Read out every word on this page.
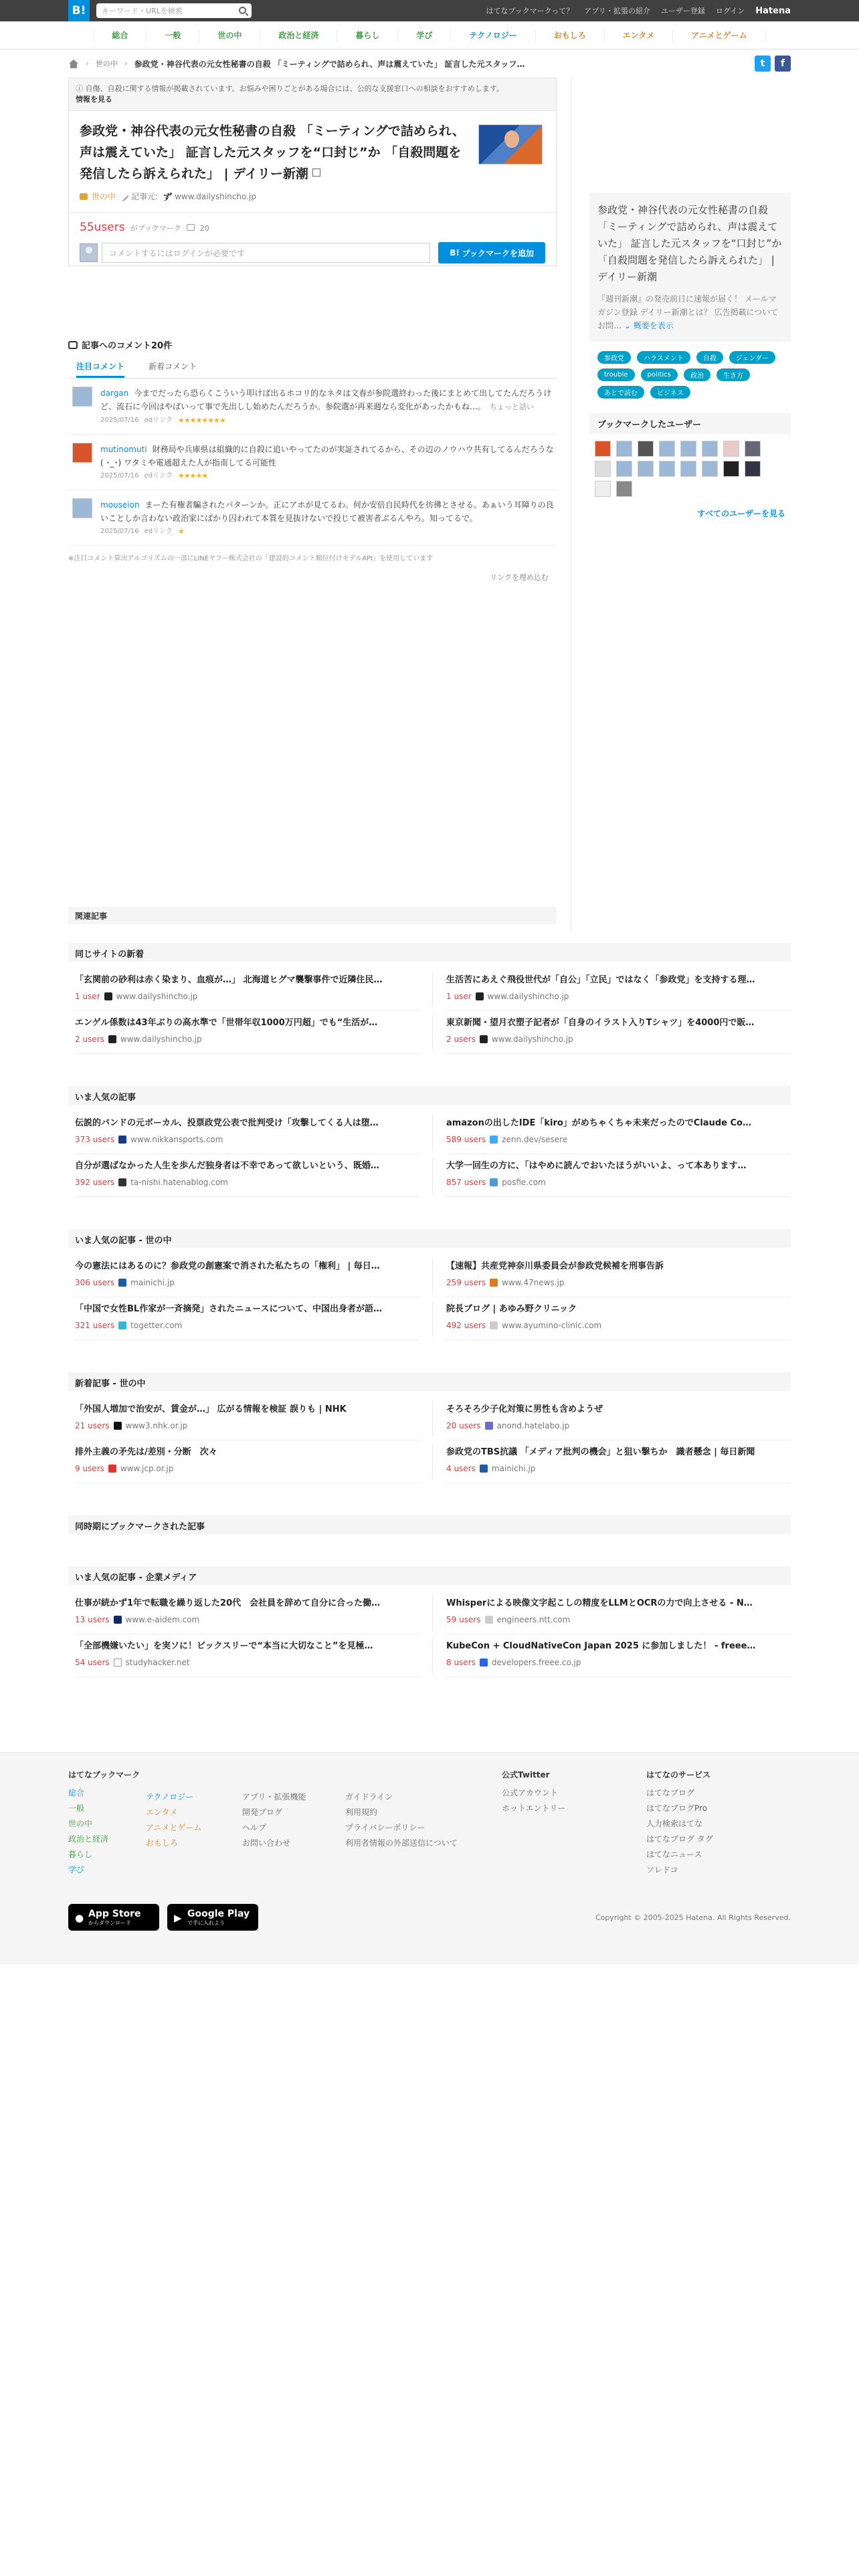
B!
キーワード・URLを検索	はてなブックマークって？ アプリ・拡張の紹介 ユーザー登録 ログイン Hatena
総合	一般	世の中	政治と経済	暮らし	学び	テクノロジー	おもしろ	エンタメ	アニメとゲーム
› 世の中 › 参政党・神谷代表の元女性秘書の自殺 「ミーティングで詰められ、声は震えていた」 証言した元スタッフ…	t	f
ⓘ 自傷、自殺に関する情報が掲載されています。お悩みや困りごとがある場合には、公的な支援窓口への相談をおすすめします。
情報を見る
参政党・神谷代表の元女性秘書の自殺 「ミーティングで詰められ、声は震えていた」 証言した元スタッフを“口封じ”か 「自殺問題を発信したら訴えられた」 | デイリー新潮
世の中 記事元: ず www.dailyshincho.jp
55users がブックマーク	20
コメントするにはログインが必要です	B! ブックマークを追加
記事へのコメント20件
注目コメント	新着コメント
dargan 今までだったら恐らくこういう叩けば出るホコリ的なネタは文春が参院選終わった後にまとめて出してたんだろうけど、流石に今回はやばいって事で先出しし始めたんだろうか。参院選が再来週なら変化があったかもね…。 ちょっと話い
2025/07/16 edリンク ★★★★★★★★
mutinomuti 財務局や兵庫県は組織的に自殺に追いやってたのが実証されてるから、その辺のノウハウ共有してるんだろうな( ･_･) ワタミや電通超えた人が指南してる可能性
2025/07/16 edリンク ★★★★★
mouseion まーた有権者騙されたパターンか。正にアホが見てるわ。何か安倍自民時代を彷彿とさせる。あぁいう耳障りの良いことしか言わない政治家にばかり囚われて本質を見抜けないで投じて被害者ぶるんやろ。知ってるで。
2025/07/16 edリンク ★
※注目コメント算出アルゴリズムの一部にLINEヤフー株式会社の「建設的コメント順位付けモデルAPI」を使用しています
リンクを埋め込む
関連記事
参政党・神谷代表の元女性秘書の自殺 「ミーティングで詰められ、声は震えていた」 証言した元スタッフを“口封じ”か 「自殺問題を発信したら訴えられた」 | デイリー新潮
『週刊新潮』の発売前日に速報が届く！ メールマガジン登録 デイリー新潮とは？ 広告掲載について お問… ⌄ 概要を表示
参政党	ハラスメント	自殺	ジェンダー
trouble	politics	政治	生き方
あとで読む	ビジネス
ブックマークしたユーザー
すべてのユーザーを見る
同じサイトの新着
「玄関前の砂利は赤く染まり、血痕が…」 北海道ヒグマ襲撃事件で近隣住民…
1 user www.dailyshincho.jp
生活苦にあえぐ飛役世代が「自公」「立民」ではなく「参政党」を支持する理…
1 user www.dailyshincho.jp
エンゲル係数は43年ぶりの高水準で「世帯年収1000万円超」でも“生活が…
2 users www.dailyshincho.jp
東京新聞・望月衣塑子記者が「自身のイラスト入りTシャツ」を4000円で販…
2 users www.dailyshincho.jp
いま人気の記事
伝説的バンドの元ボーカル、投票政党公表で批判受け「攻撃してくる人は堕…
373 users www.nikkansports.com
amazonの出したIDE「kiro」がめちゃくちゃ未来だったのでClaude Co…
589 users zenn.dev/sesere
自分が選ばなかった人生を歩んだ独身者は不幸であって欲しいという、既婚…
392 users ta-nishi.hatenablog.com
大学一回生の方に、「はやめに読んでおいたほうがいいよ、って本あります…
857 users posfie.com
いま人気の記事 - 世の中
今の憲法にはあるのに？参政党の創憲案で消された私たちの「権利」 | 毎日…
306 users mainichi.jp
【速報】共産党神奈川県委員会が参政党候補を刑事告訴
259 users www.47news.jp
「中国で女性BL作家が一斉摘発」されたニュースについて、中国出身者が語…
321 users togetter.com
院長ブログ | あゆみ野クリニック
492 users www.ayumino-clinic.com
新着記事 - 世の中
「外国人増加で治安が、賃金が…」 広がる情報を検証 誤りも | NHK
21 users www3.nhk.or.jp
そろそろ少子化対策に男性も含めようぜ
20 users anond.hatelabo.jp
排外主義の矛先は/差別・分断　次々
9 users www.jcp.or.jp
参政党のTBS抗議 「メディア批判の機会」と狙い撃ちか　識者懸念 | 毎日新聞
4 users mainichi.jp
同時期にブックマークされた記事
いま人気の記事 - 企業メディア
仕事が続かず1年で転職を繰り返した20代　会社員を辞めて自分に合った働…
13 users www.e-aidem.com
Whisperによる映像文字起こしの精度をLLMとOCRの力で向上させる - N…
59 users engineers.ntt.com
「全部機嫌いたい」を実ソに！ビックスリーで“本当に大切なこと”を見極…
54 users studyhacker.net
KubeCon + CloudNativeCon Japan 2025 に参加しました！ - freee…
8 users developers.freee.co.jp
はてなブックマーク
総合
一般
世の中
政治と経済
暮らし
学び
テクノロジー
エンタメ
アニメとゲーム
おもしろ
アプリ・拡張機能
開発ブログ
ヘルプ
お問い合わせ
ガイドライン
利用規約
プライバシーポリシー
利用者情報の外部送信について
公式Twitter
公式アカウント
ホットエントリー
はてなのサービス
はてなブログ
はてなブログPro
人力検索はてな
はてなブログ タグ
はてなニュース
ソレドコ
● App Store
からダウンロード	▶ Google Play
で手に入れよう
Copyright © 2005-2025 Hatena. All Rights Reserved.
